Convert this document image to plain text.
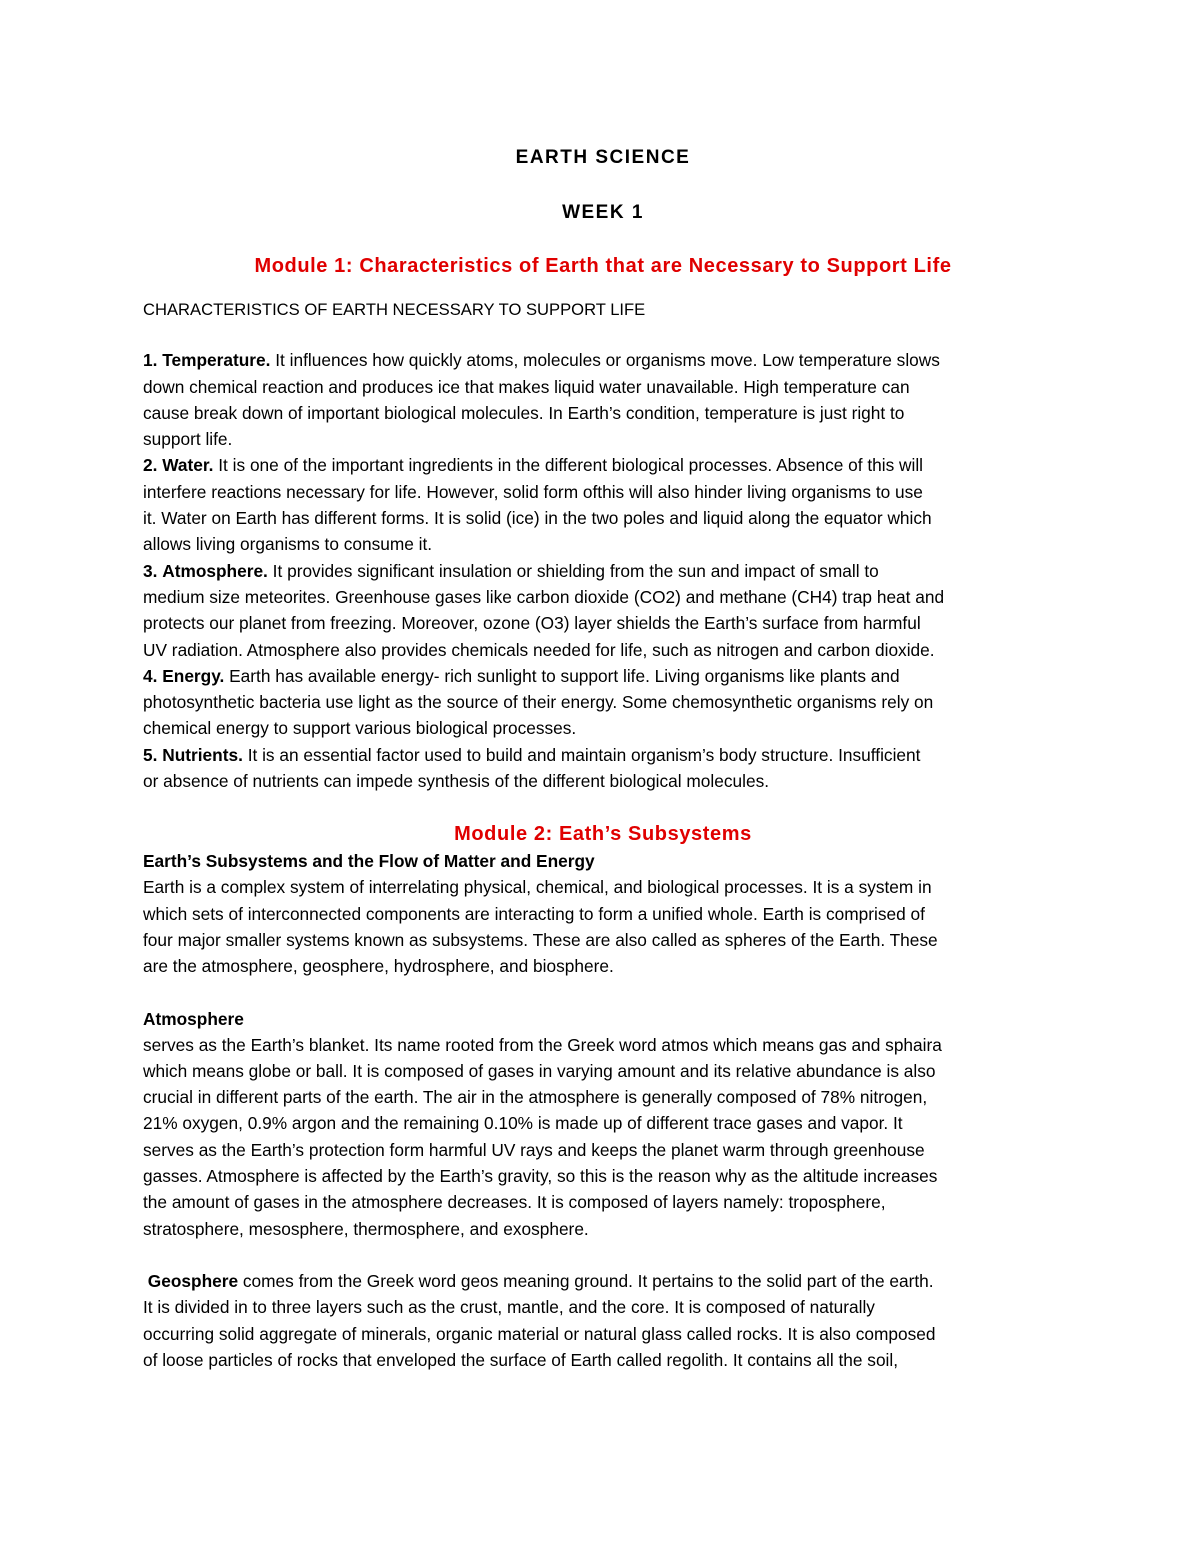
EARTH SCIENCE

WEEK 1

Module 1: Characteristics of Earth that are Necessary to Support Life

CHARACTERISTICS OF EARTH NECESSARY TO SUPPORT LIFE

1. Temperature. It influences how quickly atoms, molecules or organisms move. Low temperature slows
down chemical reaction and produces ice that makes liquid water unavailable. High temperature can
cause break down of important biological molecules. In Earth’s condition, temperature is just right to
support life.
2. Water. It is one of the important ingredients in the different biological processes. Absence of this will
interfere reactions necessary for life. However, solid form ofthis will also hinder living organisms to use
it. Water on Earth has different forms. It is solid (ice) in the two poles and liquid along the equator which
allows living organisms to consume it.
3. Atmosphere. It provides significant insulation or shielding from the sun and impact of small to
medium size meteorites. Greenhouse gases like carbon dioxide (CO2) and methane (CH4) trap heat and
protects our planet from freezing. Moreover, ozone (O3) layer shields the Earth’s surface from harmful
UV radiation. Atmosphere also provides chemicals needed for life, such as nitrogen and carbon dioxide.
4. Energy. Earth has available energy- rich sunlight to support life. Living organisms like plants and
photosynthetic bacteria use light as the source of their energy. Some chemosynthetic organisms rely on
chemical energy to support various biological processes.
5. Nutrients. It is an essential factor used to build and maintain organism’s body structure. Insufficient
or absence of nutrients can impede synthesis of the different biological molecules.

Module 2: Eath’s Subsystems

Earth’s Subsystems and the Flow of Matter and Energy

Earth is a complex system of interrelating physical, chemical, and biological processes. It is a system in
which sets of interconnected components are interacting to form a unified whole. Earth is comprised of
four major smaller systems known as subsystems. These are also called as spheres of the Earth. These
are the atmosphere, geosphere, hydrosphere, and biosphere.

Atmosphere

serves as the Earth’s blanket. Its name rooted from the Greek word atmos which means gas and sphaira
which means globe or ball. It is composed of gases in varying amount and its relative abundance is also
crucial in different parts of the earth. The air in the atmosphere is generally composed of 78% nitrogen,
21% oxygen, 0.9% argon and the remaining 0.10% is made up of different trace gases and vapor. It
serves as the Earth’s protection form harmful UV rays and keeps the planet warm through greenhouse
gasses. Atmosphere is affected by the Earth’s gravity, so this is the reason why as the altitude increases
the amount of gases in the atmosphere decreases. It is composed of layers namely: troposphere,
stratosphere, mesosphere, thermosphere, and exosphere.
Geosphere comes from the Greek word geos meaning ground. It pertains to the solid part of the earth.
It is divided in to three layers such as the crust, mantle, and the core. It is composed of naturally
occurring solid aggregate of minerals, organic material or natural glass called rocks. It is also composed
of loose particles of rocks that enveloped the surface of Earth called regolith. It contains all the soil,
